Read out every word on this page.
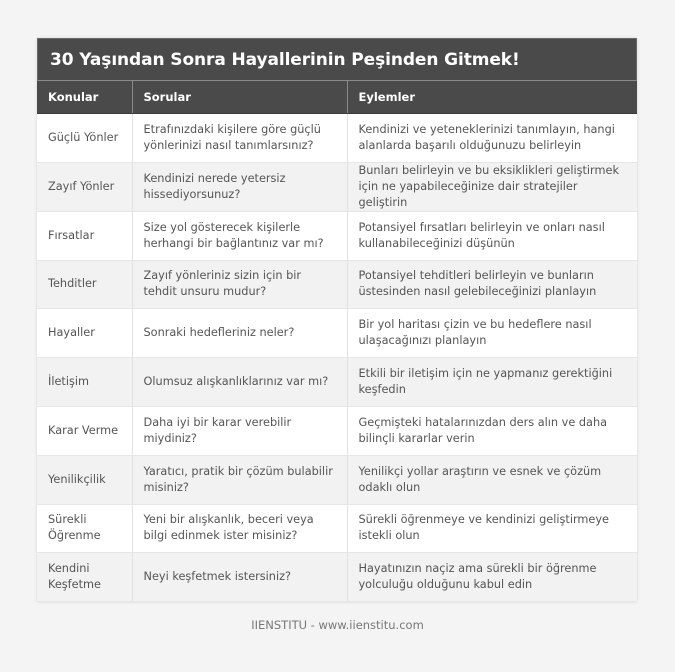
30 Yaşından Sonra Hayallerinin Peşinden Gitmek!
Konular	Sorular	Eylemler
Güçlü Yönler	Etrafınızdaki kişilere göre güçlü yönlerinizi nasıl tanımlarsınız?	Kendinizi ve yeteneklerinizi tanımlayın, hangi alanlarda başarılı olduğunuzu belirleyin
Zayıf Yönler	Kendinizi nerede yetersiz hissediyorsunuz?	Bunları belirleyin ve bu eksiklikleri geliştirmek için ne yapabileceğinize dair stratejiler geliştirin
Fırsatlar	Size yol gösterecek kişilerle herhangi bir bağlantınız var mı?	Potansiyel fırsatları belirleyin ve onları nasıl kullanabileceğinizi düşünün
Tehditler	Zayıf yönleriniz sizin için bir tehdit unsuru mudur?	Potansiyel tehditleri belirleyin ve bunların üstesinden nasıl gelebileceğinizi planlayın
Hayaller	Sonraki hedefleriniz neler?	Bir yol haritası çizin ve bu hedeflere nasıl ulaşacağınızı planlayın
İletişim	Olumsuz alışkanlıklarınız var mı?	Etkili bir iletişim için ne yapmanız gerektiğini keşfedin
Karar Verme	Daha iyi bir karar verebilir miydiniz?	Geçmişteki hatalarınızdan ders alın ve daha bilinçli kararlar verin
Yenilikçilik	Yaratıcı, pratik bir çözüm bulabilir misiniz?	Yenilikçi yollar araştırın ve esnek ve çözüm odaklı olun
Sürekli Öğrenme	Yeni bir alışkanlık, beceri veya bilgi edinmek ister misiniz?	Sürekli öğrenmeye ve kendinizi geliştirmeye istekli olun
Kendini Keşfetme	Neyi keşfetmek istersiniz?	Hayatınızın naçiz ama sürekli bir öğrenme yolculuğu olduğunu kabul edin
IIENSTITU - www.iienstitu.com
